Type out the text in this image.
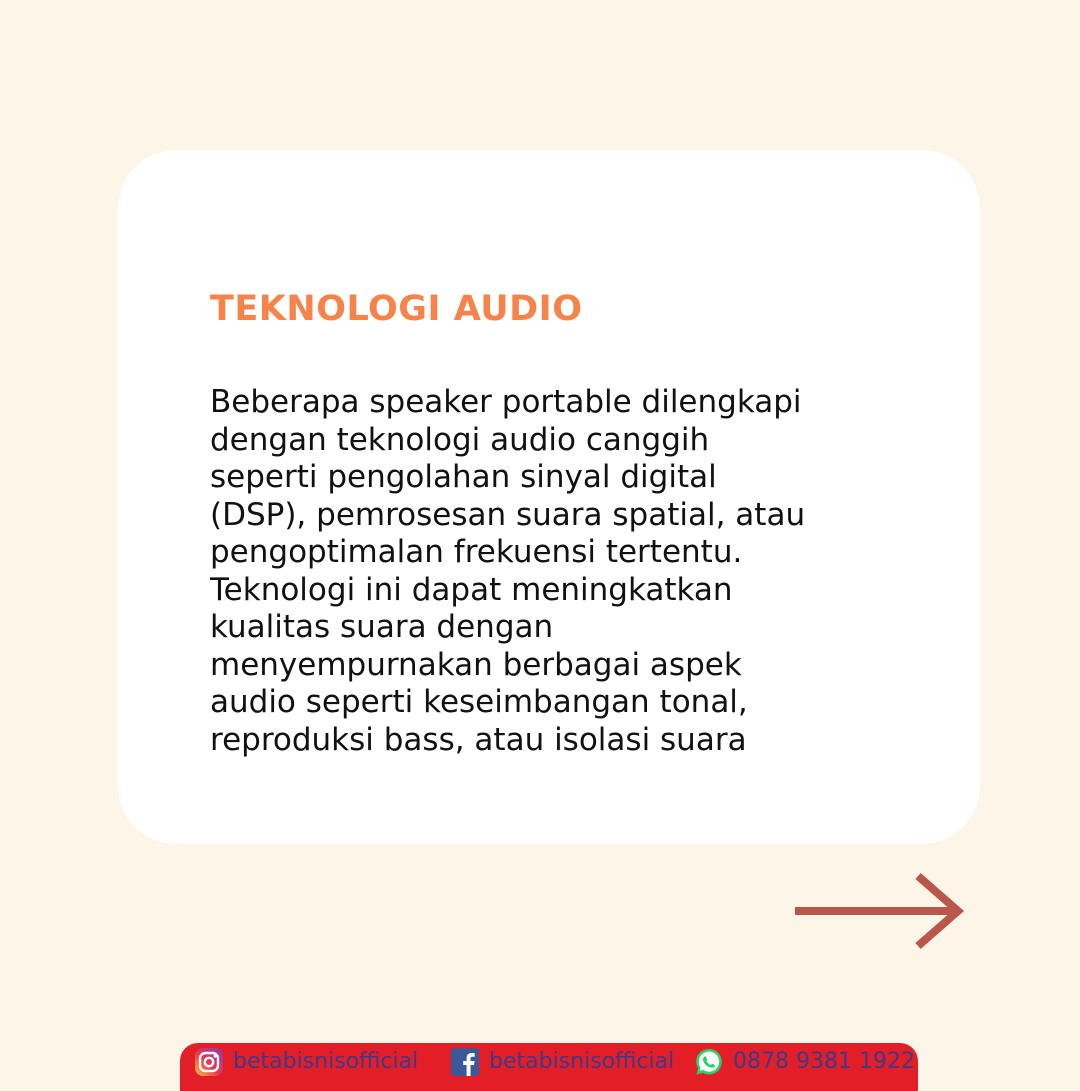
TEKNOLOGI AUDIO

Beberapa speaker portable dilengkapi
dengan teknologi audio canggih
seperti pengolahan sinyal digital
(DSP), pemrosesan suara spatial, atau
pengoptimalan frekuensi tertentu.
Teknologi ini dapat meningkatkan
kualitas suara dengan
menyempurnakan berbagai aspek
audio seperti keseimbangan tonal,
reproduksi bass, atau isolasi suara

betabisnisofficial	betabisnisofficial	0878 9381 1922
